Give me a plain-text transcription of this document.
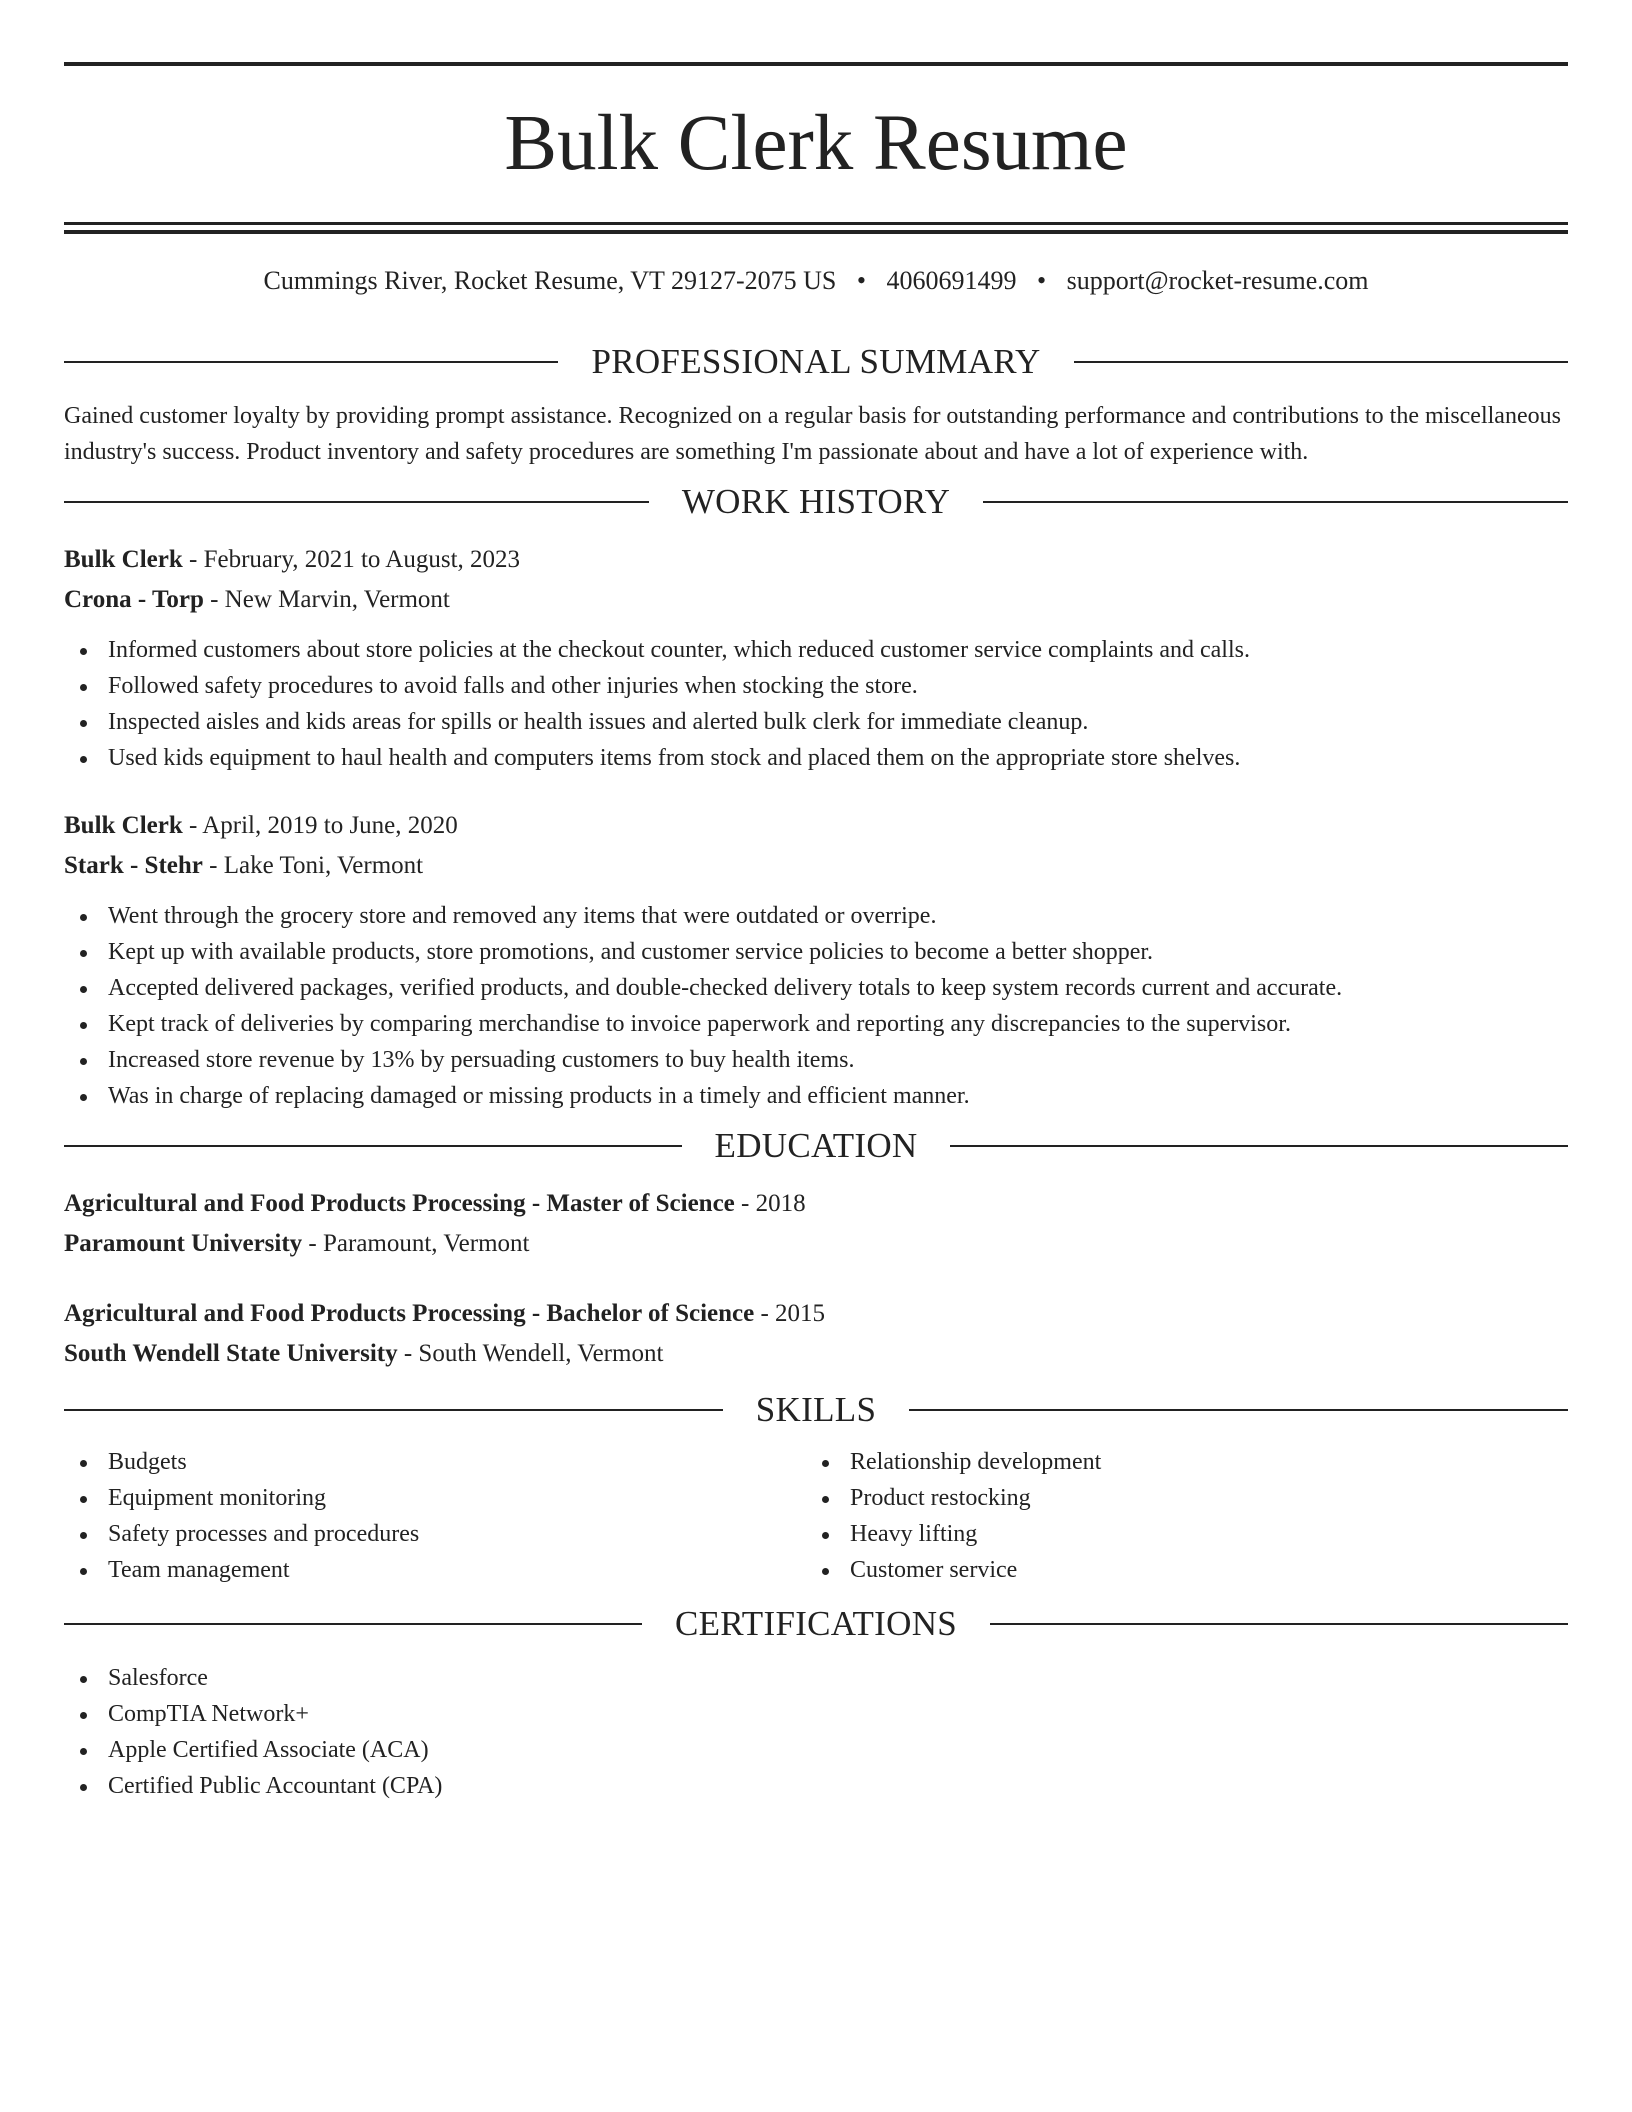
Bulk Clerk Resume
Cummings River, Rocket Resume, VT 29127-2075 US • 4060691499 • support@rocket-resume.com
PROFESSIONAL SUMMARY

Gained customer loyalty by providing prompt assistance. Recognized on a regular basis for outstanding performance and contributions to the miscellaneous industry's success. Product inventory and safety procedures are something I'm passionate about and have a lot of experience with.

WORK HISTORY
Bulk Clerk - February, 2021 to August, 2023
Crona - Torp - New Marvin, Vermont
Informed customers about store policies at the checkout counter, which reduced customer service complaints and calls.
Followed safety procedures to avoid falls and other injuries when stocking the store.
Inspected aisles and kids areas for spills or health issues and alerted bulk clerk for immediate cleanup.
Used kids equipment to haul health and computers items from stock and placed them on the appropriate store shelves.
Bulk Clerk - April, 2019 to June, 2020
Stark - Stehr - Lake Toni, Vermont
Went through the grocery store and removed any items that were outdated or overripe.
Kept up with available products, store promotions, and customer service policies to become a better shopper.
Accepted delivered packages, verified products, and double-checked delivery totals to keep system records current and accurate.
Kept track of deliveries by comparing merchandise to invoice paperwork and reporting any discrepancies to the supervisor.
Increased store revenue by 13% by persuading customers to buy health items.
Was in charge of replacing damaged or missing products in a timely and efficient manner.
EDUCATION
Agricultural and Food Products Processing - Master of Science - 2018
Paramount University - Paramount, Vermont
Agricultural and Food Products Processing - Bachelor of Science - 2015
South Wendell State University - South Wendell, Vermont
SKILLS
Budgets
Equipment monitoring
Safety processes and procedures
Team management
Relationship development
Product restocking
Heavy lifting
Customer service
CERTIFICATIONS
Salesforce
CompTIA Network+
Apple Certified Associate (ACA)
Certified Public Accountant (CPA)
